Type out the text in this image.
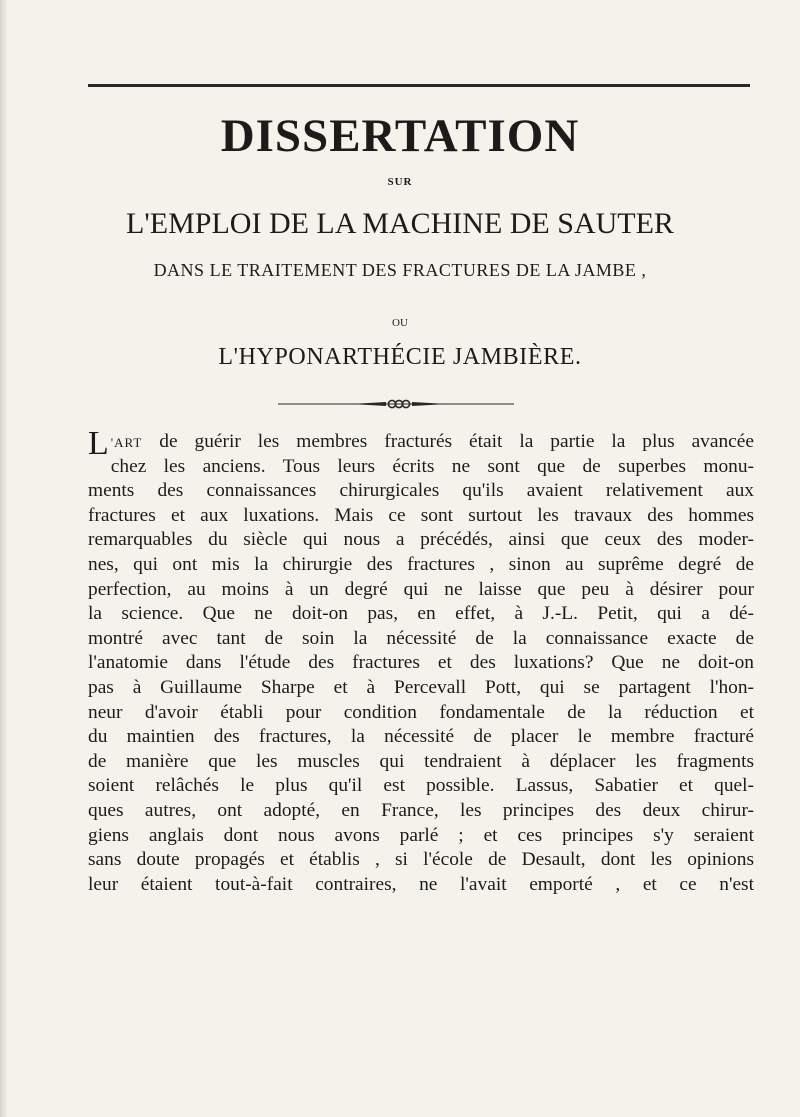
DISSERTATION
SUR
L'EMPLOI DE LA MACHINE DE SAUTER
DANS LE TRAITEMENT DES FRACTURES DE LA JAMBE ,
OU
L'HYPONARTHÉCIE JAMBIÈRE.
L 'ART de guérir les membres fracturés était la partie la plus avancée
chez les anciens. Tous leurs écrits ne sont que de superbes monu-
ments des connaissances chirurgicales qu'ils avaient relativement aux
fractures et aux luxations. Mais ce sont surtout les travaux des hommes
remarquables du siècle qui nous a précédés, ainsi que ceux des moder-
nes, qui ont mis la chirurgie des fractures , sinon au suprême degré de
perfection, au moins à un degré qui ne laisse que peu à désirer pour
la science. Que ne doit-on pas, en effet, à J.-L. Petit, qui a dé-
montré avec tant de soin la nécessité de la connaissance exacte de
l'anatomie dans l'étude des fractures et des luxations? Que ne doit-on
pas à Guillaume Sharpe et à Percevall Pott, qui se partagent l'hon-
neur d'avoir établi pour condition fondamentale de la réduction et
du maintien des fractures, la nécessité de placer le membre fracturé
de manière que les muscles qui tendraient à déplacer les fragments
soient relâchés le plus qu'il est possible. Lassus, Sabatier et quel-
ques autres, ont adopté, en France, les principes des deux chirur-
giens anglais dont nous avons parlé ; et ces principes s'y seraient
sans doute propagés et établis , si l'école de Desault, dont les opinions
leur étaient tout-à-fait contraires, ne l'avait emporté , et ce n'est
